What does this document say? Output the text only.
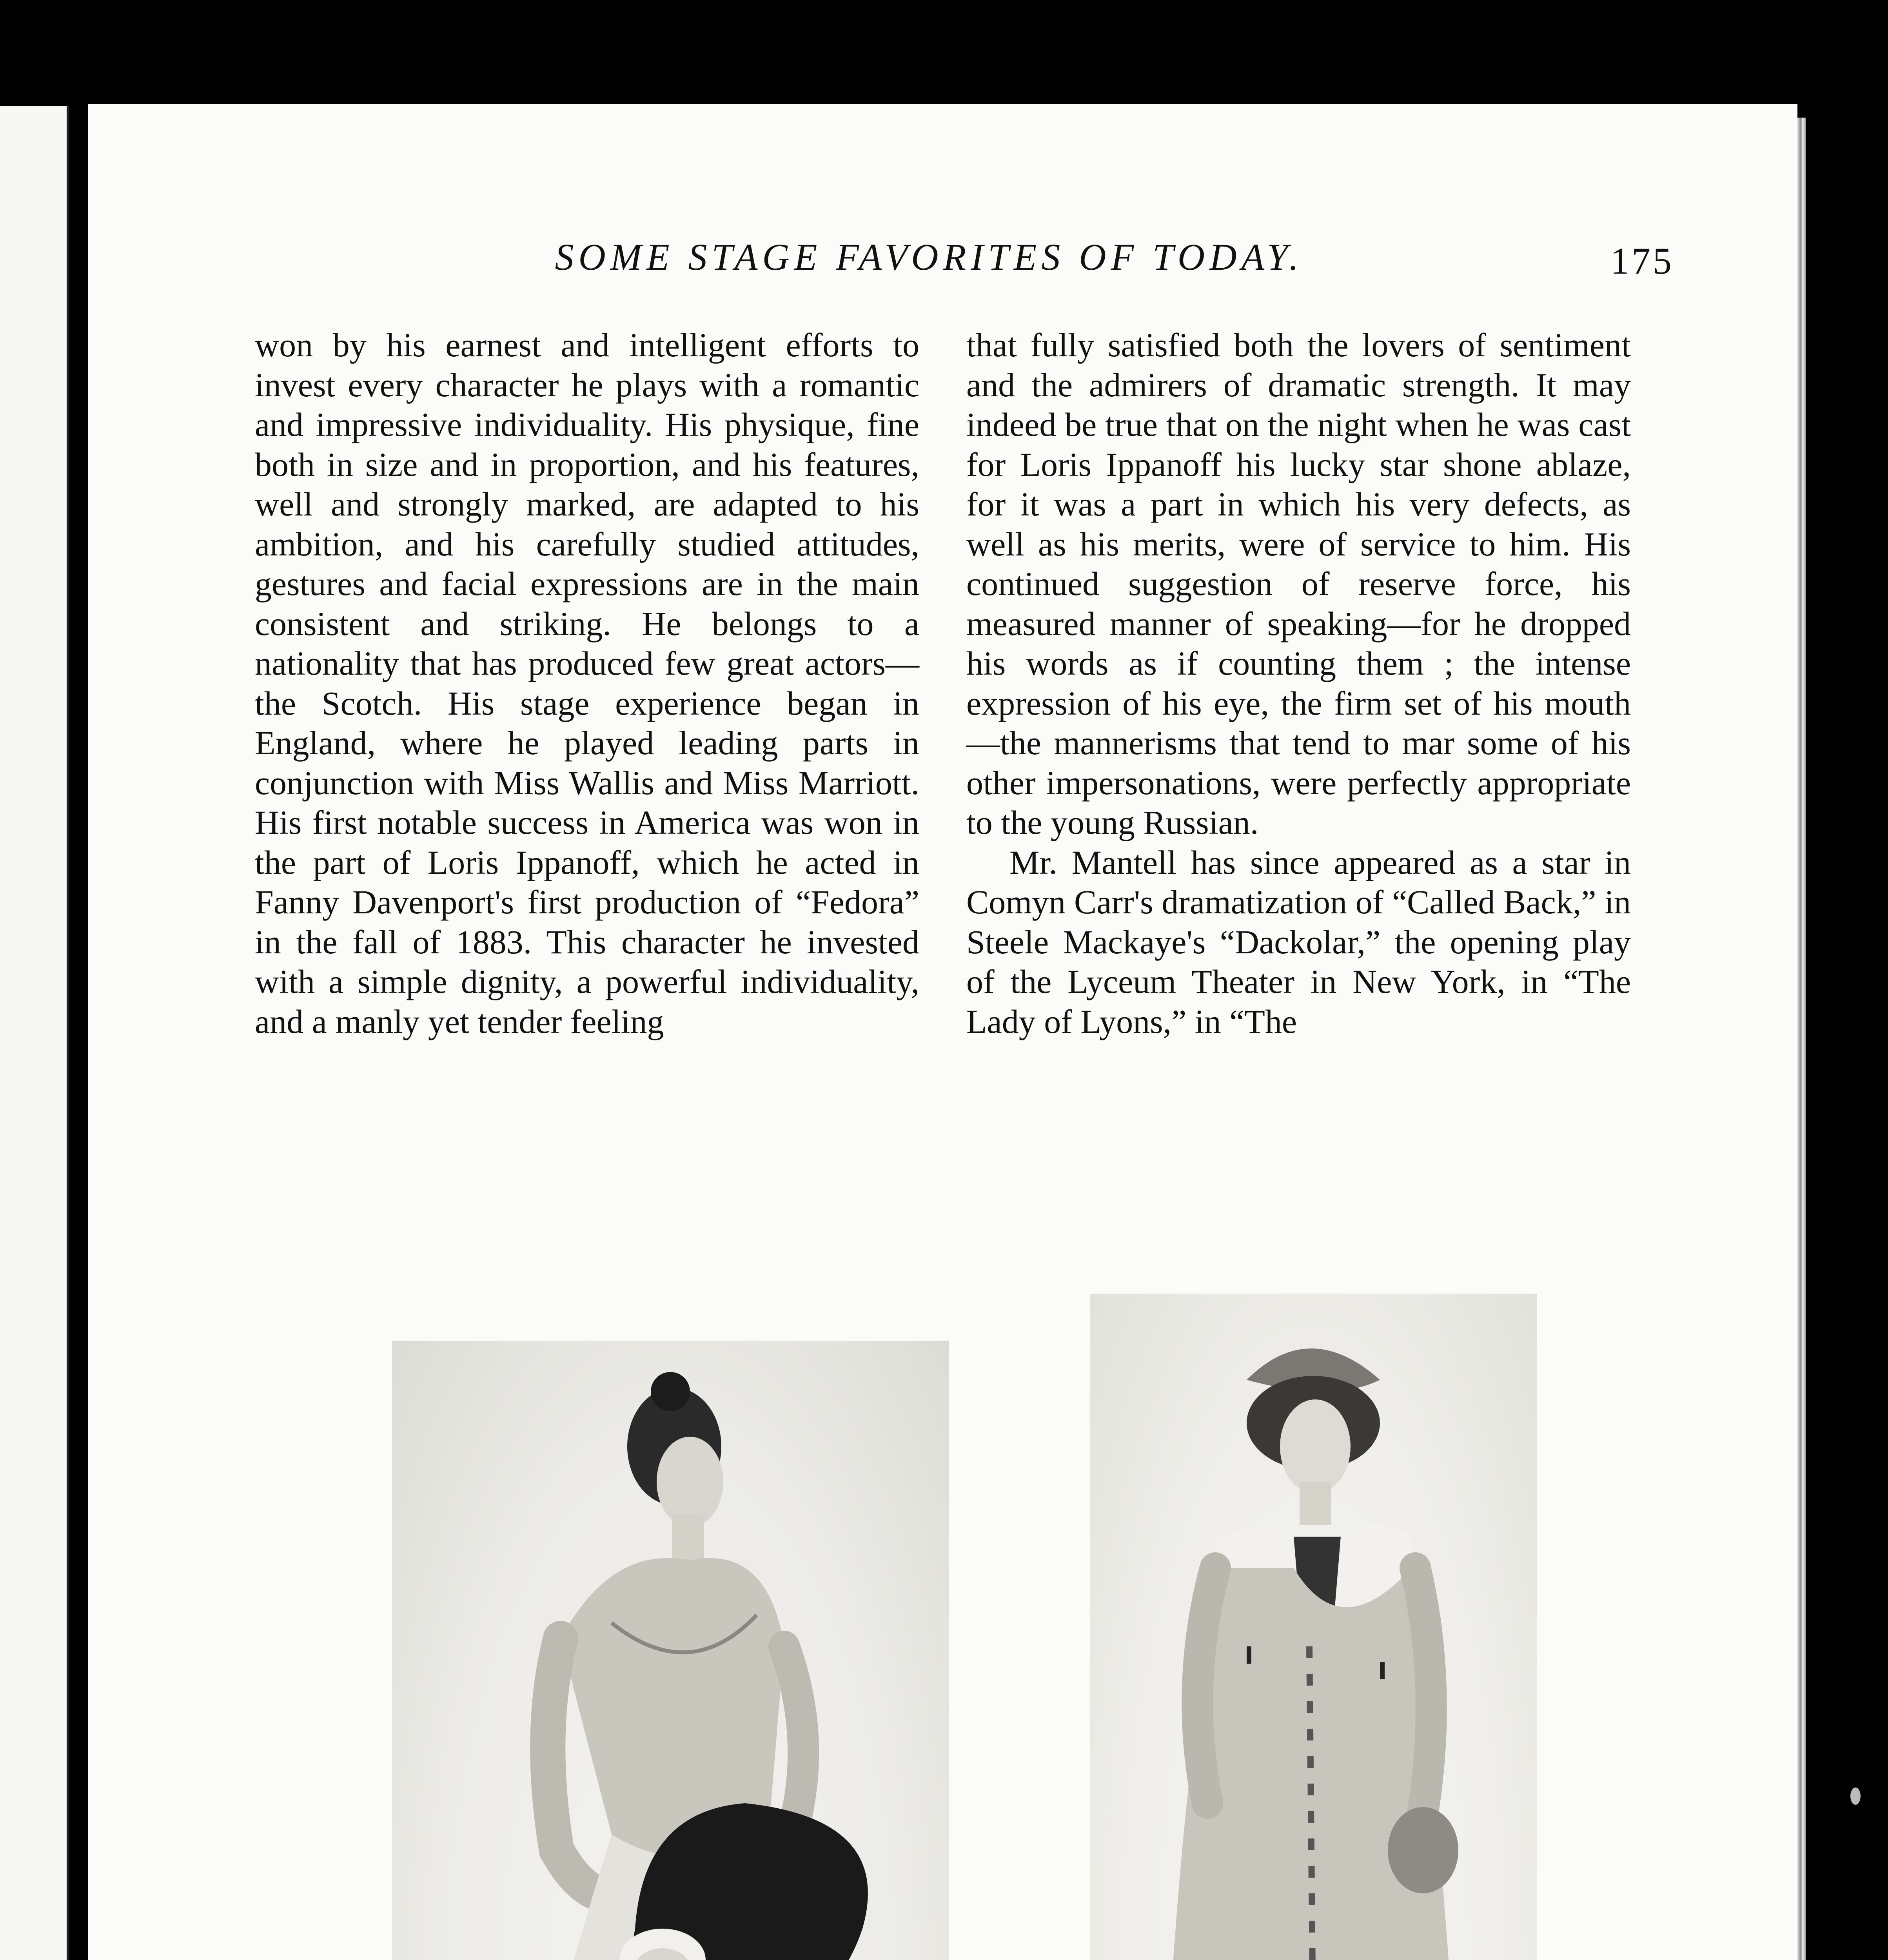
SOME STAGE FAVORITES OF TODAY.	175

won by his earnest and intelligent efforts to invest every character he plays with a romantic and impressive individuality. His physique, fine both in size and in proportion, and his features, well and strongly marked, are adapted to his ambition, and his carefully studied attitudes, gestures and facial expressions are in the main consistent and striking. He belongs to a nationality that has produced few great actors—the Scotch. His stage experience began in England, where he played leading parts in conjunction with Miss Wallis and Miss Marriott. His first notable success in America was won in the part of Loris Ippanoff, which he acted in Fanny Davenport's first production of “Fedora” in the fall of 1883. This character he invested with a simple dignity, a powerful individuality, and a manly yet tender feeling

that fully satisfied both the lovers of sentiment and the admirers of dramatic strength. It may indeed be true that on the night when he was cast for Loris Ippanoff his lucky star shone ablaze, for it was a part in which his very defects, as well as his merits, were of service to him. His continued suggestion of reserve force, his measured manner of speaking—for he dropped his words as if counting them ; the intense expression of his eye, the firm set of his mouth—the mannerisms that tend to mar some of his other impersonations, were perfectly appropriate to the young Russian.

Mr. Mantell has since appeared as a star in Comyn Carr's dramatization of “Called Back,” in Steele Mackaye's “Dackolar,” the opening play of the Lyceum Theater in New York, in “The Lady of Lyons,” in “The
